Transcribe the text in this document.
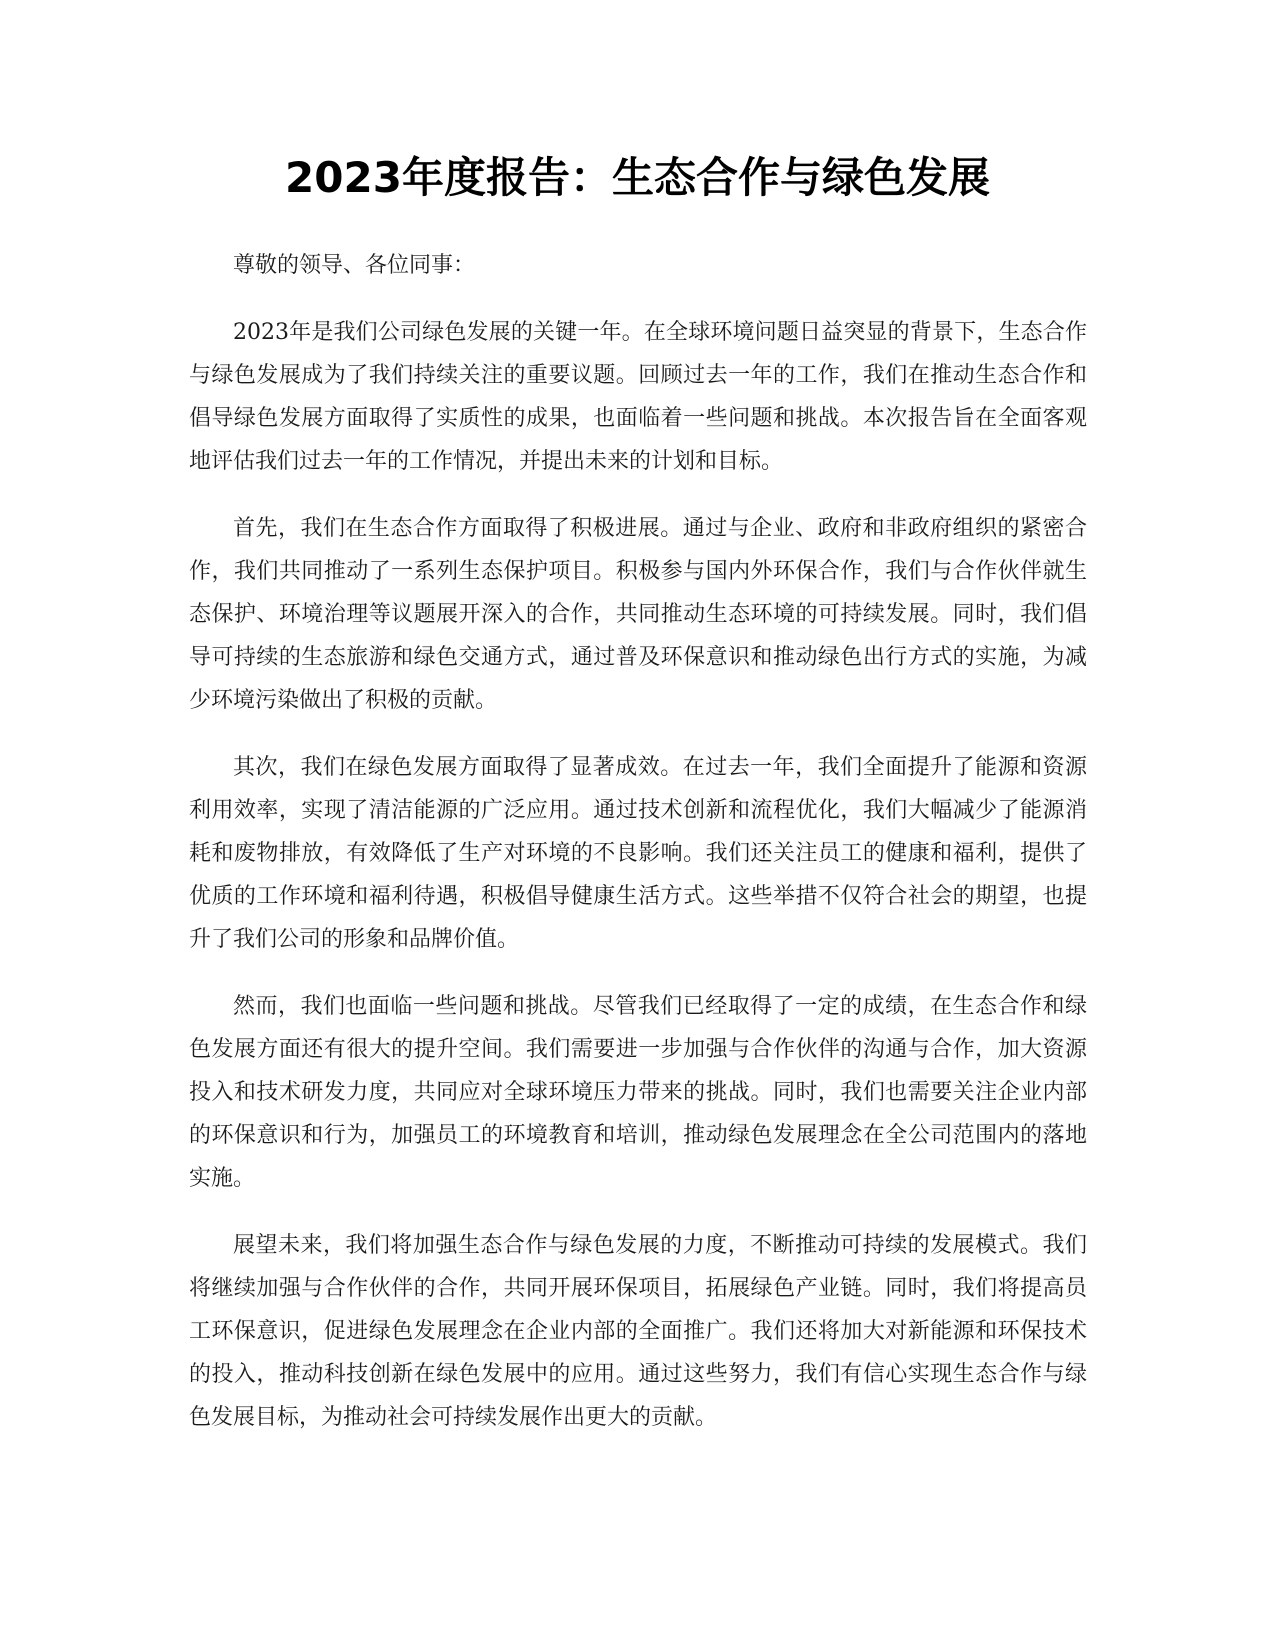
2023年度报告：生态合作与绿色发展

尊敬的领导、各位同事：

2023年是我们公司绿色发展的关键一年。在全球环境问题日益突显的背景下，生态合作与绿色发展成为了我们持续关注的重要议题。回顾过去一年的工作，我们在推动生态合作和倡导绿色发展方面取得了实质性的成果，也面临着一些问题和挑战。本次报告旨在全面客观地评估我们过去一年的工作情况，并提出未来的计划和目标。

首先，我们在生态合作方面取得了积极进展。通过与企业、政府和非政府组织的紧密合作，我们共同推动了一系列生态保护项目。积极参与国内外环保合作，我们与合作伙伴就生态保护、环境治理等议题展开深入的合作，共同推动生态环境的可持续发展。同时，我们倡导可持续的生态旅游和绿色交通方式，通过普及环保意识和推动绿色出行方式的实施，为减少环境污染做出了积极的贡献。

其次，我们在绿色发展方面取得了显著成效。在过去一年，我们全面提升了能源和资源利用效率，实现了清洁能源的广泛应用。通过技术创新和流程优化，我们大幅减少了能源消耗和废物排放，有效降低了生产对环境的不良影响。我们还关注员工的健康和福利，提供了优质的工作环境和福利待遇，积极倡导健康生活方式。这些举措不仅符合社会的期望，也提升了我们公司的形象和品牌价值。

然而，我们也面临一些问题和挑战。尽管我们已经取得了一定的成绩，在生态合作和绿色发展方面还有很大的提升空间。我们需要进一步加强与合作伙伴的沟通与合作，加大资源投入和技术研发力度，共同应对全球环境压力带来的挑战。同时，我们也需要关注企业内部的环保意识和行为，加强员工的环境教育和培训，推动绿色发展理念在全公司范围内的落地实施。

展望未来，我们将加强生态合作与绿色发展的力度，不断推动可持续的发展模式。我们将继续加强与合作伙伴的合作，共同开展环保项目，拓展绿色产业链。同时，我们将提高员工环保意识，促进绿色发展理念在企业内部的全面推广。我们还将加大对新能源和环保技术的投入，推动科技创新在绿色发展中的应用。通过这些努力，我们有信心实现生态合作与绿色发展目标，为推动社会可持续发展作出更大的贡献。
